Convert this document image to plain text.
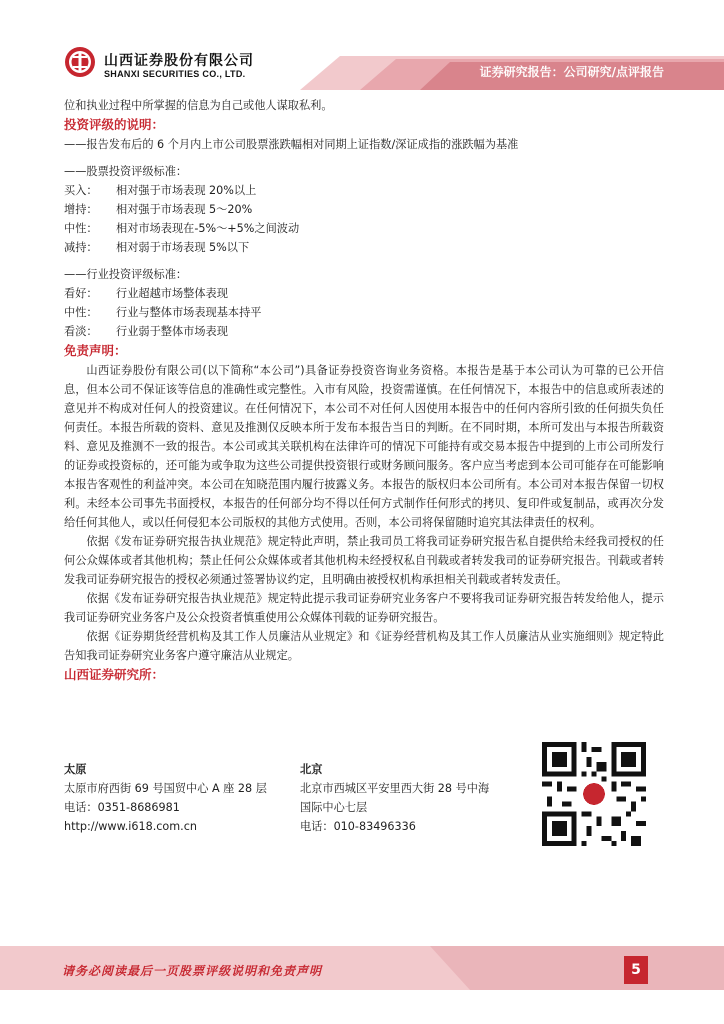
山西证券股份有限公司
SHANXI SECURITIES CO., LTD.	证券研究报告：公司研究/点评报告

位和执业过程中所掌握的信息为自己或他人谋取私利。

投资评级的说明：

——报告发布后的 6 个月内上市公司股票涨跌幅相对同期上证指数/深证成指的涨跌幅为基准

——股票投资评级标准：

买入： 相对强于市场表现 20%以上
增持： 相对强于市场表现 5～20%
中性： 相对市场表现在-5%～+5%之间波动
减持： 相对弱于市场表现 5%以下

——行业投资评级标准：

看好： 行业超越市场整体表现
中性： 行业与整体市场表现基本持平
看淡： 行业弱于整体市场表现

免责声明：

山西证券股份有限公司(以下简称“本公司”)具备证券投资咨询业务资格。本报告是基于本公司认为可靠的已公开信息，但本公司不保证该等信息的准确性或完整性。入市有风险，投资需谨慎。在任何情况下，本报告中的信息或所表述的意见并不构成对任何人的投资建议。在任何情况下，本公司不对任何人因使用本报告中的任何内容所引致的任何损失负任何责任。本报告所载的资料、意见及推测仅反映本所于发布本报告当日的判断。在不同时期，本所可发出与本报告所载资料、意见及推测不一致的报告。本公司或其关联机构在法律许可的情况下可能持有或交易本报告中提到的上市公司所发行的证券或投资标的，还可能为或争取为这些公司提供投资银行或财务顾问服务。客户应当考虑到本公司可能存在可能影响本报告客观性的利益冲突。本公司在知晓范围内履行披露义务。本报告的版权归本公司所有。本公司对本报告保留一切权利。未经本公司事先书面授权，本报告的任何部分均不得以任何方式制作任何形式的拷贝、复印件或复制品，或再次分发给任何其他人，或以任何侵犯本公司版权的其他方式使用。否则，本公司将保留随时追究其法律责任的权利。

依据《发布证券研究报告执业规范》规定特此声明，禁止我司员工将我司证券研究报告私自提供给未经我司授权的任何公众媒体或者其他机构；禁止任何公众媒体或者其他机构未经授权私自刊载或者转发我司的证券研究报告。刊载或者转发我司证券研究报告的授权必须通过签署协议约定，且明确由被授权机构承担相关刊载或者转发责任。

依据《发布证券研究报告执业规范》规定特此提示我司证券研究业务客户不要将我司证券研究报告转发给他人，提示我司证券研究业务客户及公众投资者慎重使用公众媒体刊载的证券研究报告。

依据《证券期货经营机构及其工作人员廉洁从业规定》和《证券经营机构及其工作人员廉洁从业实施细则》规定特此告知我司证券研究业务客户遵守廉洁从业规定。

山西证券研究所：

太原
太原市府西街 69 号国贸中心 A 座 28 层
电话：0351-8686981
http://www.i618.com.cn
北京
北京市西城区平安里西大街 28 号中海
国际中心七层
电话：010-83496336
请务必阅读最后一页股票评级说明和免责声明	5
